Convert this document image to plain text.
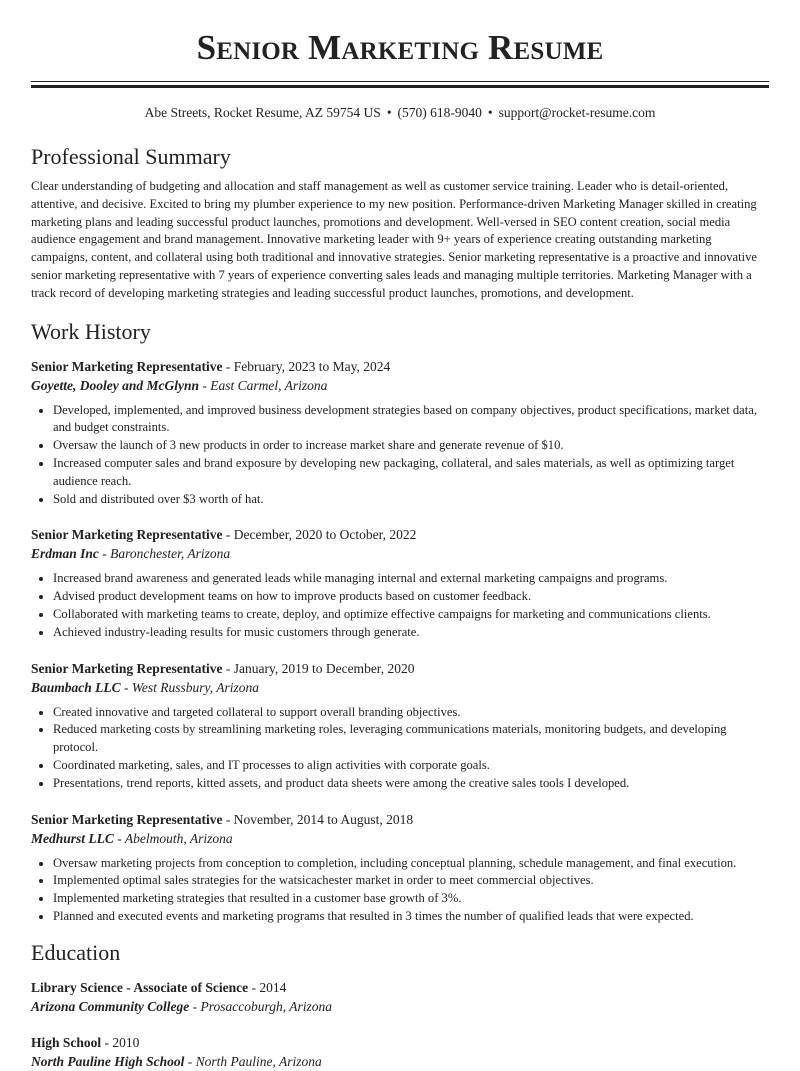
Senior Marketing Resume
Abe Streets, Rocket Resume, AZ 59754 US • (570) 618-9040 • support@rocket-resume.com
Professional Summary

Clear understanding of budgeting and allocation and staff management as well as customer service training. Leader who is detail-oriented, attentive, and decisive. Excited to bring my plumber experience to my new position. Performance-driven Marketing Manager skilled in creating marketing plans and leading successful product launches, promotions and development. Well-versed in SEO content creation, social media audience engagement and brand management. Innovative marketing leader with 9+ years of experience creating outstanding marketing campaigns, content, and collateral using both traditional and innovative strategies. Senior marketing representative is a proactive and innovative senior marketing representative with 7 years of experience converting sales leads and managing multiple territories. Marketing Manager with a track record of developing marketing strategies and leading successful product launches, promotions, and development.

Work History
Senior Marketing Representative - February, 2023 to May, 2024
Goyette, Dooley and McGlynn - East Carmel, Arizona
• Developed, implemented, and improved business development strategies based on company objectives, product specifications, market data, and budget constraints.
• Oversaw the launch of 3 new products in order to increase market share and generate revenue of $10.
• Increased computer sales and brand exposure by developing new packaging, collateral, and sales materials, as well as optimizing target audience reach.
• Sold and distributed over $3 worth of hat.
Senior Marketing Representative - December, 2020 to October, 2022
Erdman Inc - Baronchester, Arizona
• Increased brand awareness and generated leads while managing internal and external marketing campaigns and programs.
• Advised product development teams on how to improve products based on customer feedback.
• Collaborated with marketing teams to create, deploy, and optimize effective campaigns for marketing and communications clients.
• Achieved industry-leading results for music customers through generate.
Senior Marketing Representative - January, 2019 to December, 2020
Baumbach LLC - West Russbury, Arizona
• Created innovative and targeted collateral to support overall branding objectives.
• Reduced marketing costs by streamlining marketing roles, leveraging communications materials, monitoring budgets, and developing protocol.
• Coordinated marketing, sales, and IT processes to align activities with corporate goals.
• Presentations, trend reports, kitted assets, and product data sheets were among the creative sales tools I developed.
Senior Marketing Representative - November, 2014 to August, 2018
Medhurst LLC - Abelmouth, Arizona
• Oversaw marketing projects from conception to completion, including conceptual planning, schedule management, and final execution.
• Implemented optimal sales strategies for the watsicachester market in order to meet commercial objectives.
• Implemented marketing strategies that resulted in a customer base growth of 3%.
• Planned and executed events and marketing programs that resulted in 3 times the number of qualified leads that were expected.
Education
Library Science - Associate of Science - 2014
Arizona Community College - Prosaccoburgh, Arizona
High School - 2010
North Pauline High School - North Pauline, Arizona
